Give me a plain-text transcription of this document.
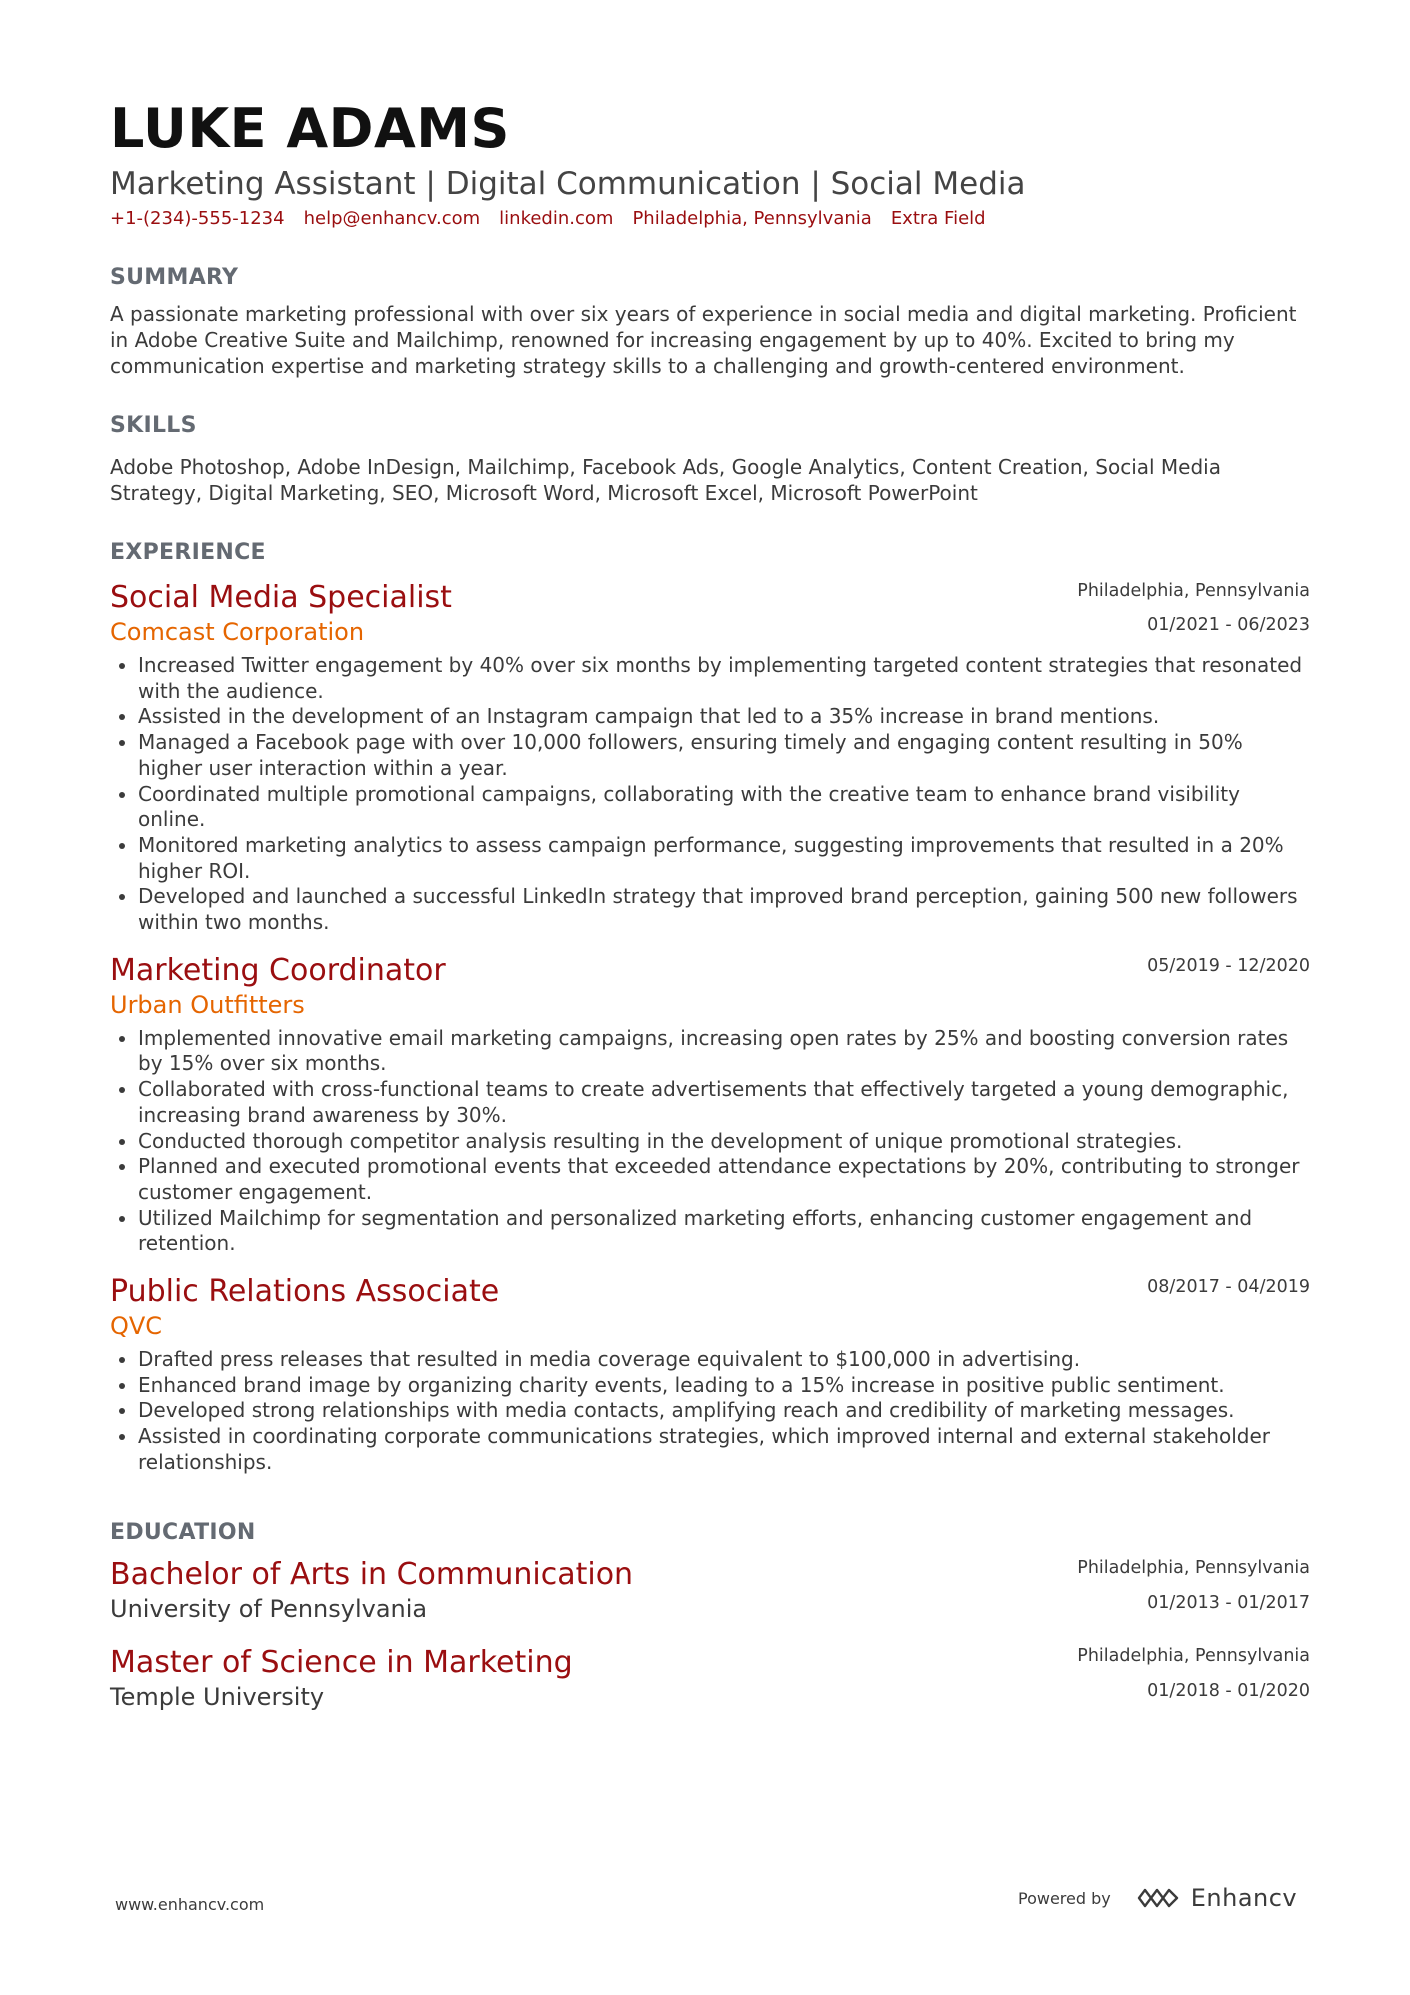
LUKE ADAMS
Marketing Assistant | Digital Communication | Social Media
+1-(234)-555-1234 help@enhancv.com linkedin.com Philadelphia, Pennsylvania Extra Field
SUMMARY
A passionate marketing professional with over six years of experience in social media and digital marketing. Proficient in Adobe Creative Suite and Mailchimp, renowned for increasing engagement by up to 40%. Excited to bring my communication expertise and marketing strategy skills to a challenging and growth-centered environment.
SKILLS
Adobe Photoshop, Adobe InDesign, Mailchimp, Facebook Ads, Google Analytics, Content Creation, Social Media Strategy, Digital Marketing, SEO, Microsoft Word, Microsoft Excel, Microsoft PowerPoint
EXPERIENCE
Philadelphia, Pennsylvania
01/2021 - 06/2023
Social Media Specialist
Comcast Corporation
• Increased Twitter engagement by 40% over six months by implementing targeted content strategies that resonated with the audience.
• Assisted in the development of an Instagram campaign that led to a 35% increase in brand mentions.
• Managed a Facebook page with over 10,000 followers, ensuring timely and engaging content resulting in 50% higher user interaction within a year.
• Coordinated multiple promotional campaigns, collaborating with the creative team to enhance brand visibility online.
• Monitored marketing analytics to assess campaign performance, suggesting improvements that resulted in a 20% higher ROI.
• Developed and launched a successful LinkedIn strategy that improved brand perception, gaining 500 new followers within two months.
05/2019 - 12/2020
Marketing Coordinator
Urban Outfitters
• Implemented innovative email marketing campaigns, increasing open rates by 25% and boosting conversion rates by 15% over six months.
• Collaborated with cross-functional teams to create advertisements that effectively targeted a young demographic, increasing brand awareness by 30%.
• Conducted thorough competitor analysis resulting in the development of unique promotional strategies.
• Planned and executed promotional events that exceeded attendance expectations by 20%, contributing to stronger customer engagement.
• Utilized Mailchimp for segmentation and personalized marketing efforts, enhancing customer engagement and retention.
08/2017 - 04/2019
Public Relations Associate
QVC
• Drafted press releases that resulted in media coverage equivalent to $100,000 in advertising.
• Enhanced brand image by organizing charity events, leading to a 15% increase in positive public sentiment.
• Developed strong relationships with media contacts, amplifying reach and credibility of marketing messages.
• Assisted in coordinating corporate communications strategies, which improved internal and external stakeholder relationships.
EDUCATION
Philadelphia, Pennsylvania
01/2013 - 01/2017
Bachelor of Arts in Communication
University of Pennsylvania
Philadelphia, Pennsylvania
01/2018 - 01/2020
Master of Science in Marketing
Temple University
www.enhancv.com	Powered by	Enhancv
